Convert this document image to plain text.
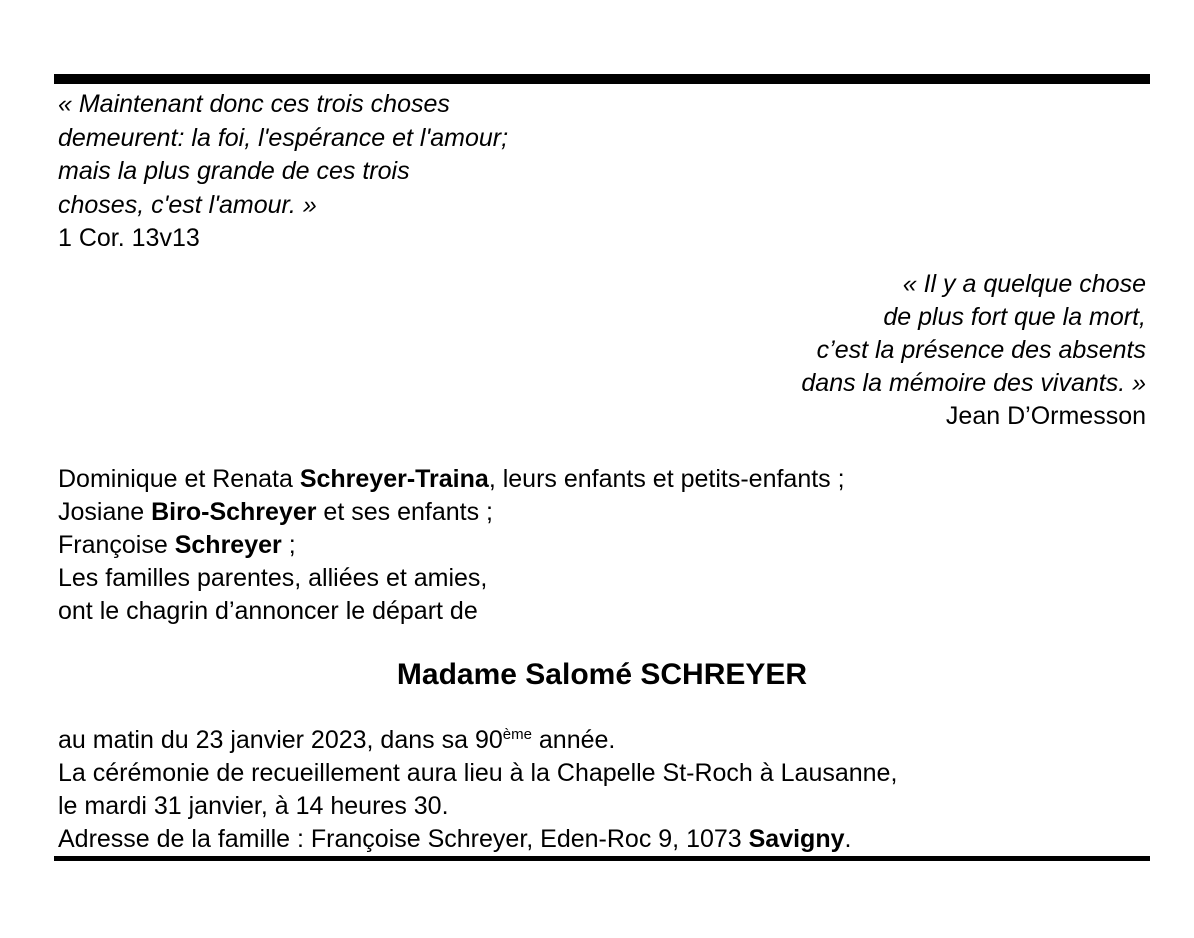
« Maintenant donc ces trois choses
demeurent: la foi, l'espérance et l'amour;
mais la plus grande de ces trois
choses, c'est l'amour. »
1 Cor. 13v13
« Il y a quelque chose
de plus fort que la mort,
c’est la présence des absents
dans la mémoire des vivants. »
Jean D’Ormesson
Dominique et Renata Schreyer-Traina, leurs enfants et petits-enfants ;
Josiane Biro-Schreyer et ses enfants ;
Françoise Schreyer ;
Les familles parentes, alliées et amies,
ont le chagrin d’annoncer le départ de
Madame Salomé SCHREYER
au matin du 23 janvier 2023, dans sa 90ème année.
La cérémonie de recueillement aura lieu à la Chapelle St-Roch à Lausanne,
le mardi 31 janvier, à 14 heures 30.
Adresse de la famille : Françoise Schreyer, Eden-Roc 9, 1073 Savigny.
